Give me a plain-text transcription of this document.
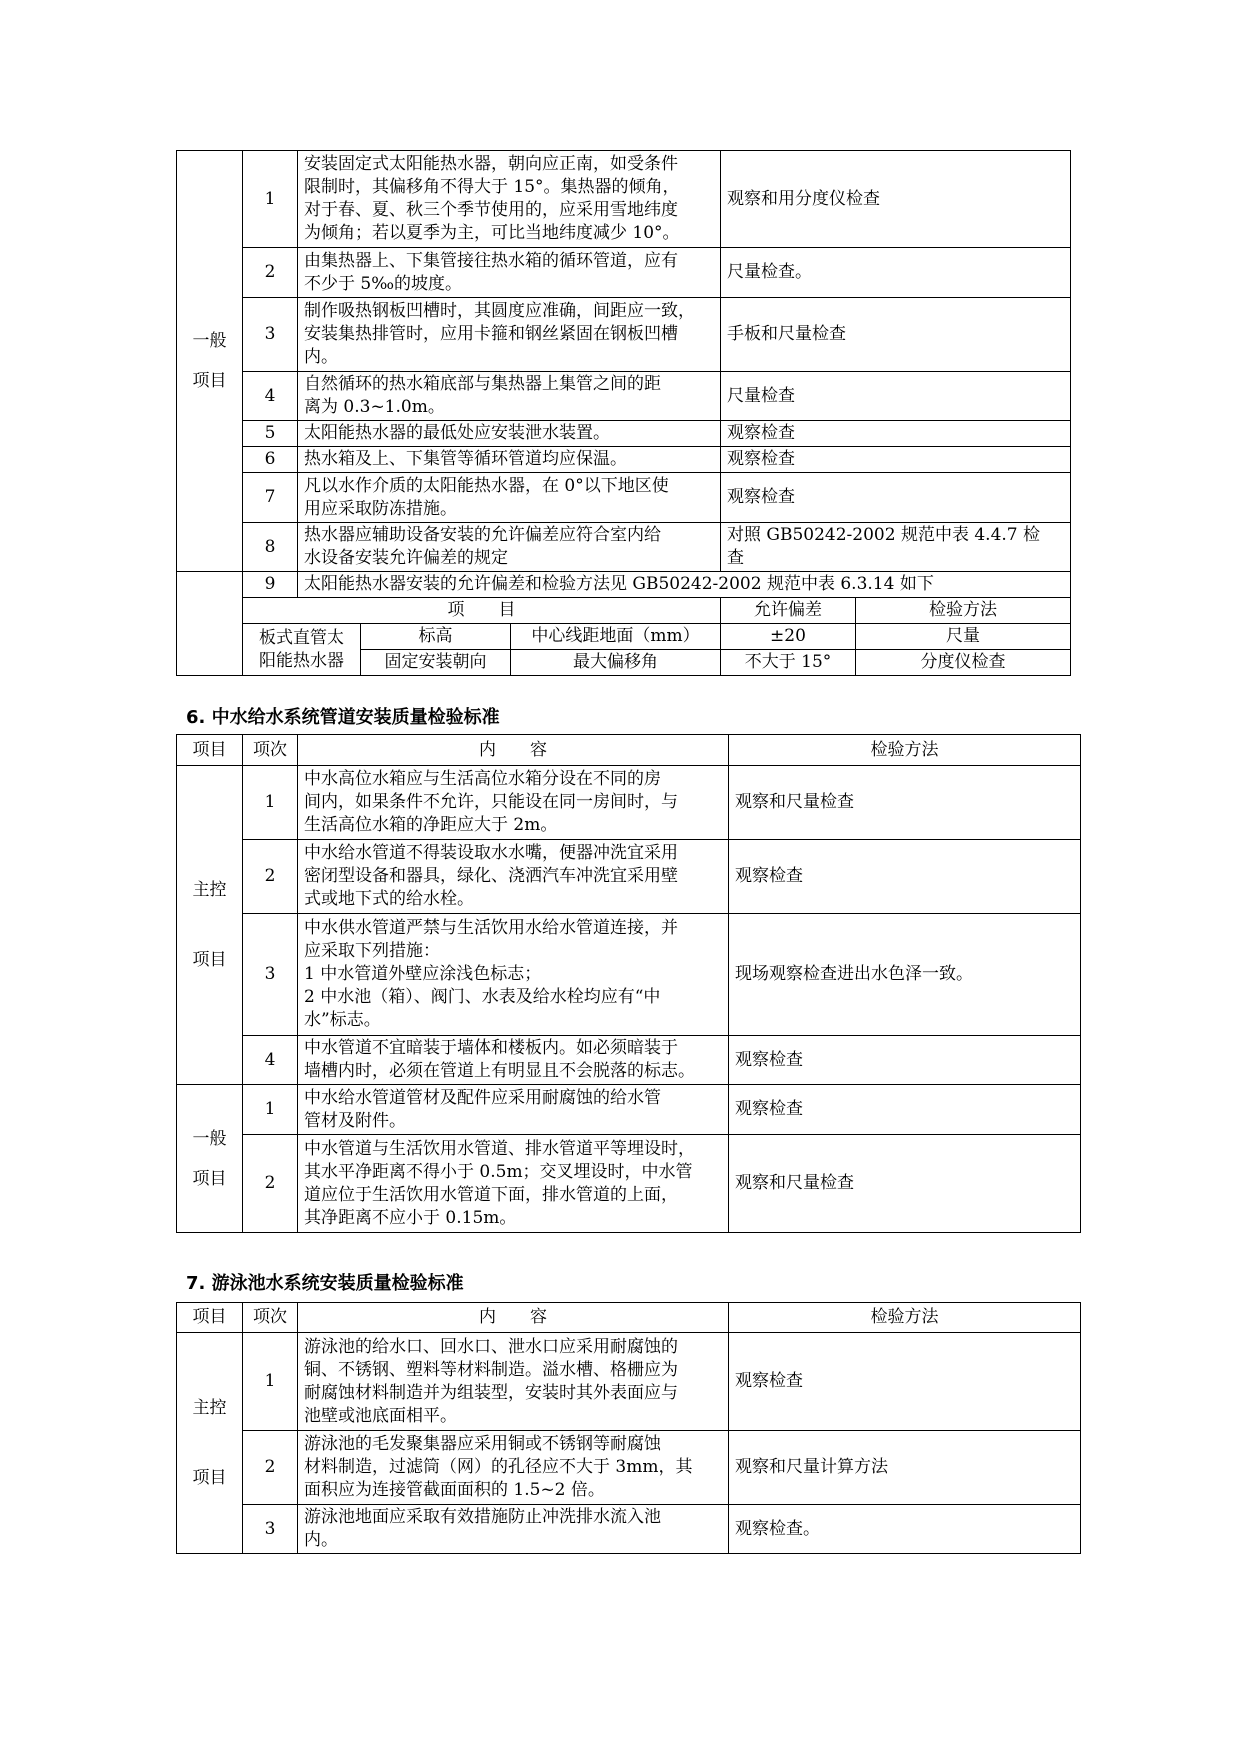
一般
项目	1	安装固定式太阳能热水器，朝向应正南，如受条件
限制时，其偏移角不得大于 15°。集热器的倾角，
对于春、夏、秋三个季节使用的，应采用雪地纬度
为倾角；若以夏季为主，可比当地纬度减少 10°。			观察和用分度仪检查	
	2	由集热器上、下集管接往热水箱的循环管道，应有
不少于 5‰的坡度。			尺量检查。	
	3	制作吸热钢板凹槽时，其圆度应准确，间距应一致，
安装集热排管时，应用卡箍和钢丝紧固在钢板凹槽
内。			手板和尺量检查	
	4	自然循环的热水箱底部与集热器上集管之间的距
离为 0.3~1.0m。			尺量检查	
	5	太阳能热水器的最低处应安装泄水装置。			观察检查	
	6	热水箱及上、下集管等循环管道均应保温。			观察检查	
	7	凡以水作介质的太阳能热水器，在 0°以下地区使
用应采取防冻措施。			观察检查	
	8	热水器应辅助设备安装的允许偏差应符合室内给
水设备安装允许偏差的规定			对照 GB50242-2002 规范中表 4.4.7 检
查	

	9	太阳能热水器安装的允许偏差和检验方法见 GB50242-2002 规范中表 6.3.14 如下				

	项　　目				允许偏差	检验方法

	板式直管太
阳能热水器		标高	中心线距地面（mm）	±20	尺量
			固定安装朝向	最大偏移角	不大于 15°	分度仪检查
6. 中水给水系统管道安装质量检验标准
项目	项次	内　　容	检验方法

主控
项目	1	中水高位水箱应与生活高位水箱分设在不同的房
间内，如果条件不允许，只能设在同一房间时，与
生活高位水箱的净距应大于 2m。	观察和尺量检查
	2	中水给水管道不得装设取水水嘴，便器冲洗宜采用
密闭型设备和器具，绿化、浇洒汽车冲洗宜采用壁
式或地下式的给水栓。	观察检查
	3	中水供水管道严禁与生活饮用水给水管道连接，并
应采取下列措施：
1 中水管道外壁应涂浅色标志；
2 中水池（箱）、阀门、水表及给水栓均应有“中
水”标志。	现场观察检查进出水色泽一致。
	4	中水管道不宜暗装于墙体和楼板内。如必须暗装于
墙槽内时，必须在管道上有明显且不会脱落的标志。	观察检查

一般
项目	1	中水给水管道管材及配件应采用耐腐蚀的给水管
管材及附件。	观察检查
	2	中水管道与生活饮用水管道、排水管道平等埋设时，
其水平净距离不得小于 0.5m；交叉埋设时，中水管
道应位于生活饮用水管道下面，排水管道的上面，
其净距离不应小于 0.15m。	观察和尺量检查
7. 游泳池水系统安装质量检验标准
项目	项次	内　　容	检验方法

主控
项目	1	游泳池的给水口、回水口、泄水口应采用耐腐蚀的
铜、不锈钢、塑料等材料制造。溢水槽、格栅应为
耐腐蚀材料制造并为组装型，安装时其外表面应与
池壁或池底面相平。	观察检查
	2	游泳池的毛发聚集器应采用铜或不锈钢等耐腐蚀
材料制造，过滤筒（网）的孔径应不大于 3mm，其
面积应为连接管截面面积的 1.5~2 倍。	观察和尺量计算方法
	3	游泳池地面应采取有效措施防止冲洗排水流入池
内。	观察检查。
